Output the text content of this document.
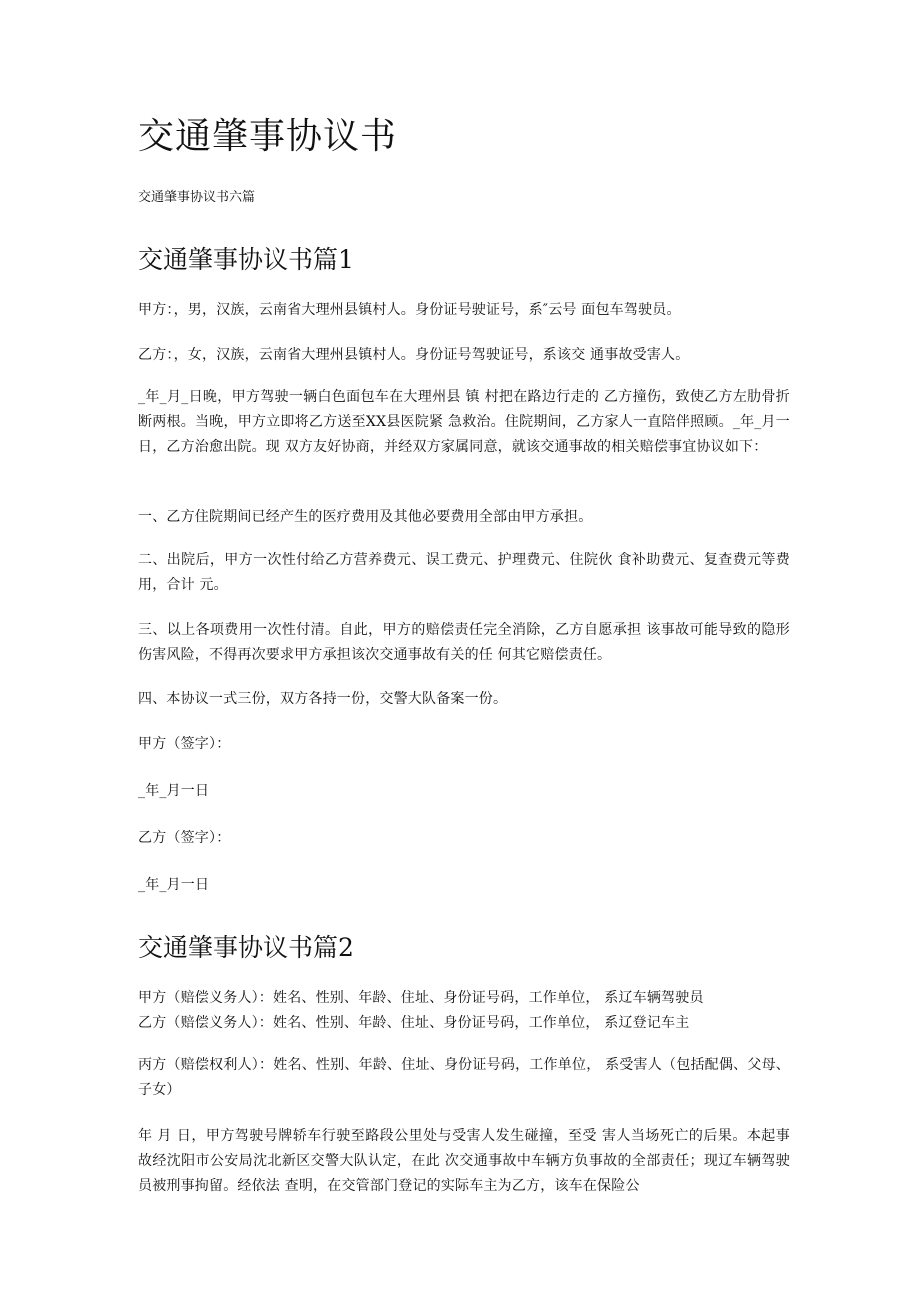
交通肇事协议书

交通肇事协议书六篇

交通肇事协议书篇1

甲方：，男，汉族，云南省大理州县镇村人。身份证号驶证号，系″云号 面包车驾驶员。

乙方：，女，汉族，云南省大理州县镇村人。身份证号驾驶证号，系该交 通事故受害人。

_年_月_日晚，甲方驾驶一辆白色面包车在大理州县 镇 村把在路边行走的 乙方撞伤，致使乙方左肋骨折断两根。当晚，甲方立即将乙方送至XX县医院紧 急救治。住院期间，乙方家人一直陪伴照顾。_年_月一日，乙方治愈出院。现 双方友好协商，并经双方家属同意，就该交通事故的相关赔偿事宜协议如下：

一、乙方住院期间已经产生的医疗费用及其他必要费用全部由甲方承担。

二、出院后，甲方一次性付给乙方营养费元、误工费元、护理费元、住院伙 食补助费元、复查费元等费用，合计 元。

三、以上各项费用一次性付清。自此，甲方的赔偿责任完全消除，乙方自愿承担 该事故可能导致的隐形伤害风险，不得再次要求甲方承担该次交通事故有关的任 何其它赔偿责任。

四、本协议一式三份，双方各持一份，交警大队备案一份。

甲方（签字）：

_年_月一日

乙方（签字）：

_年_月一日

交通肇事协议书篇2

甲方（赔偿义务人）：姓名、性别、年龄、住址、身份证号码，工作单位， 系辽车辆驾驶员

乙方（赔偿义务人）：姓名、性别、年龄、住址、身份证号码，工作单位， 系辽登记车主

丙方（赔偿权利人）：姓名、性别、年龄、住址、身份证号码，工作单位， 系受害人（包括配偶、父母、子女）

年 月 日，甲方驾驶号牌轿车行驶至路段公里处与受害人发生碰撞，至受 害人当场死亡的后果。本起事故经沈阳市公安局沈北新区交警大队认定，在此 次交通事故中车辆方负事故的全部责任；现辽车辆驾驶员被刑事拘留。经依法 查明，在交管部门登记的实际车主为乙方，该车在保险公
